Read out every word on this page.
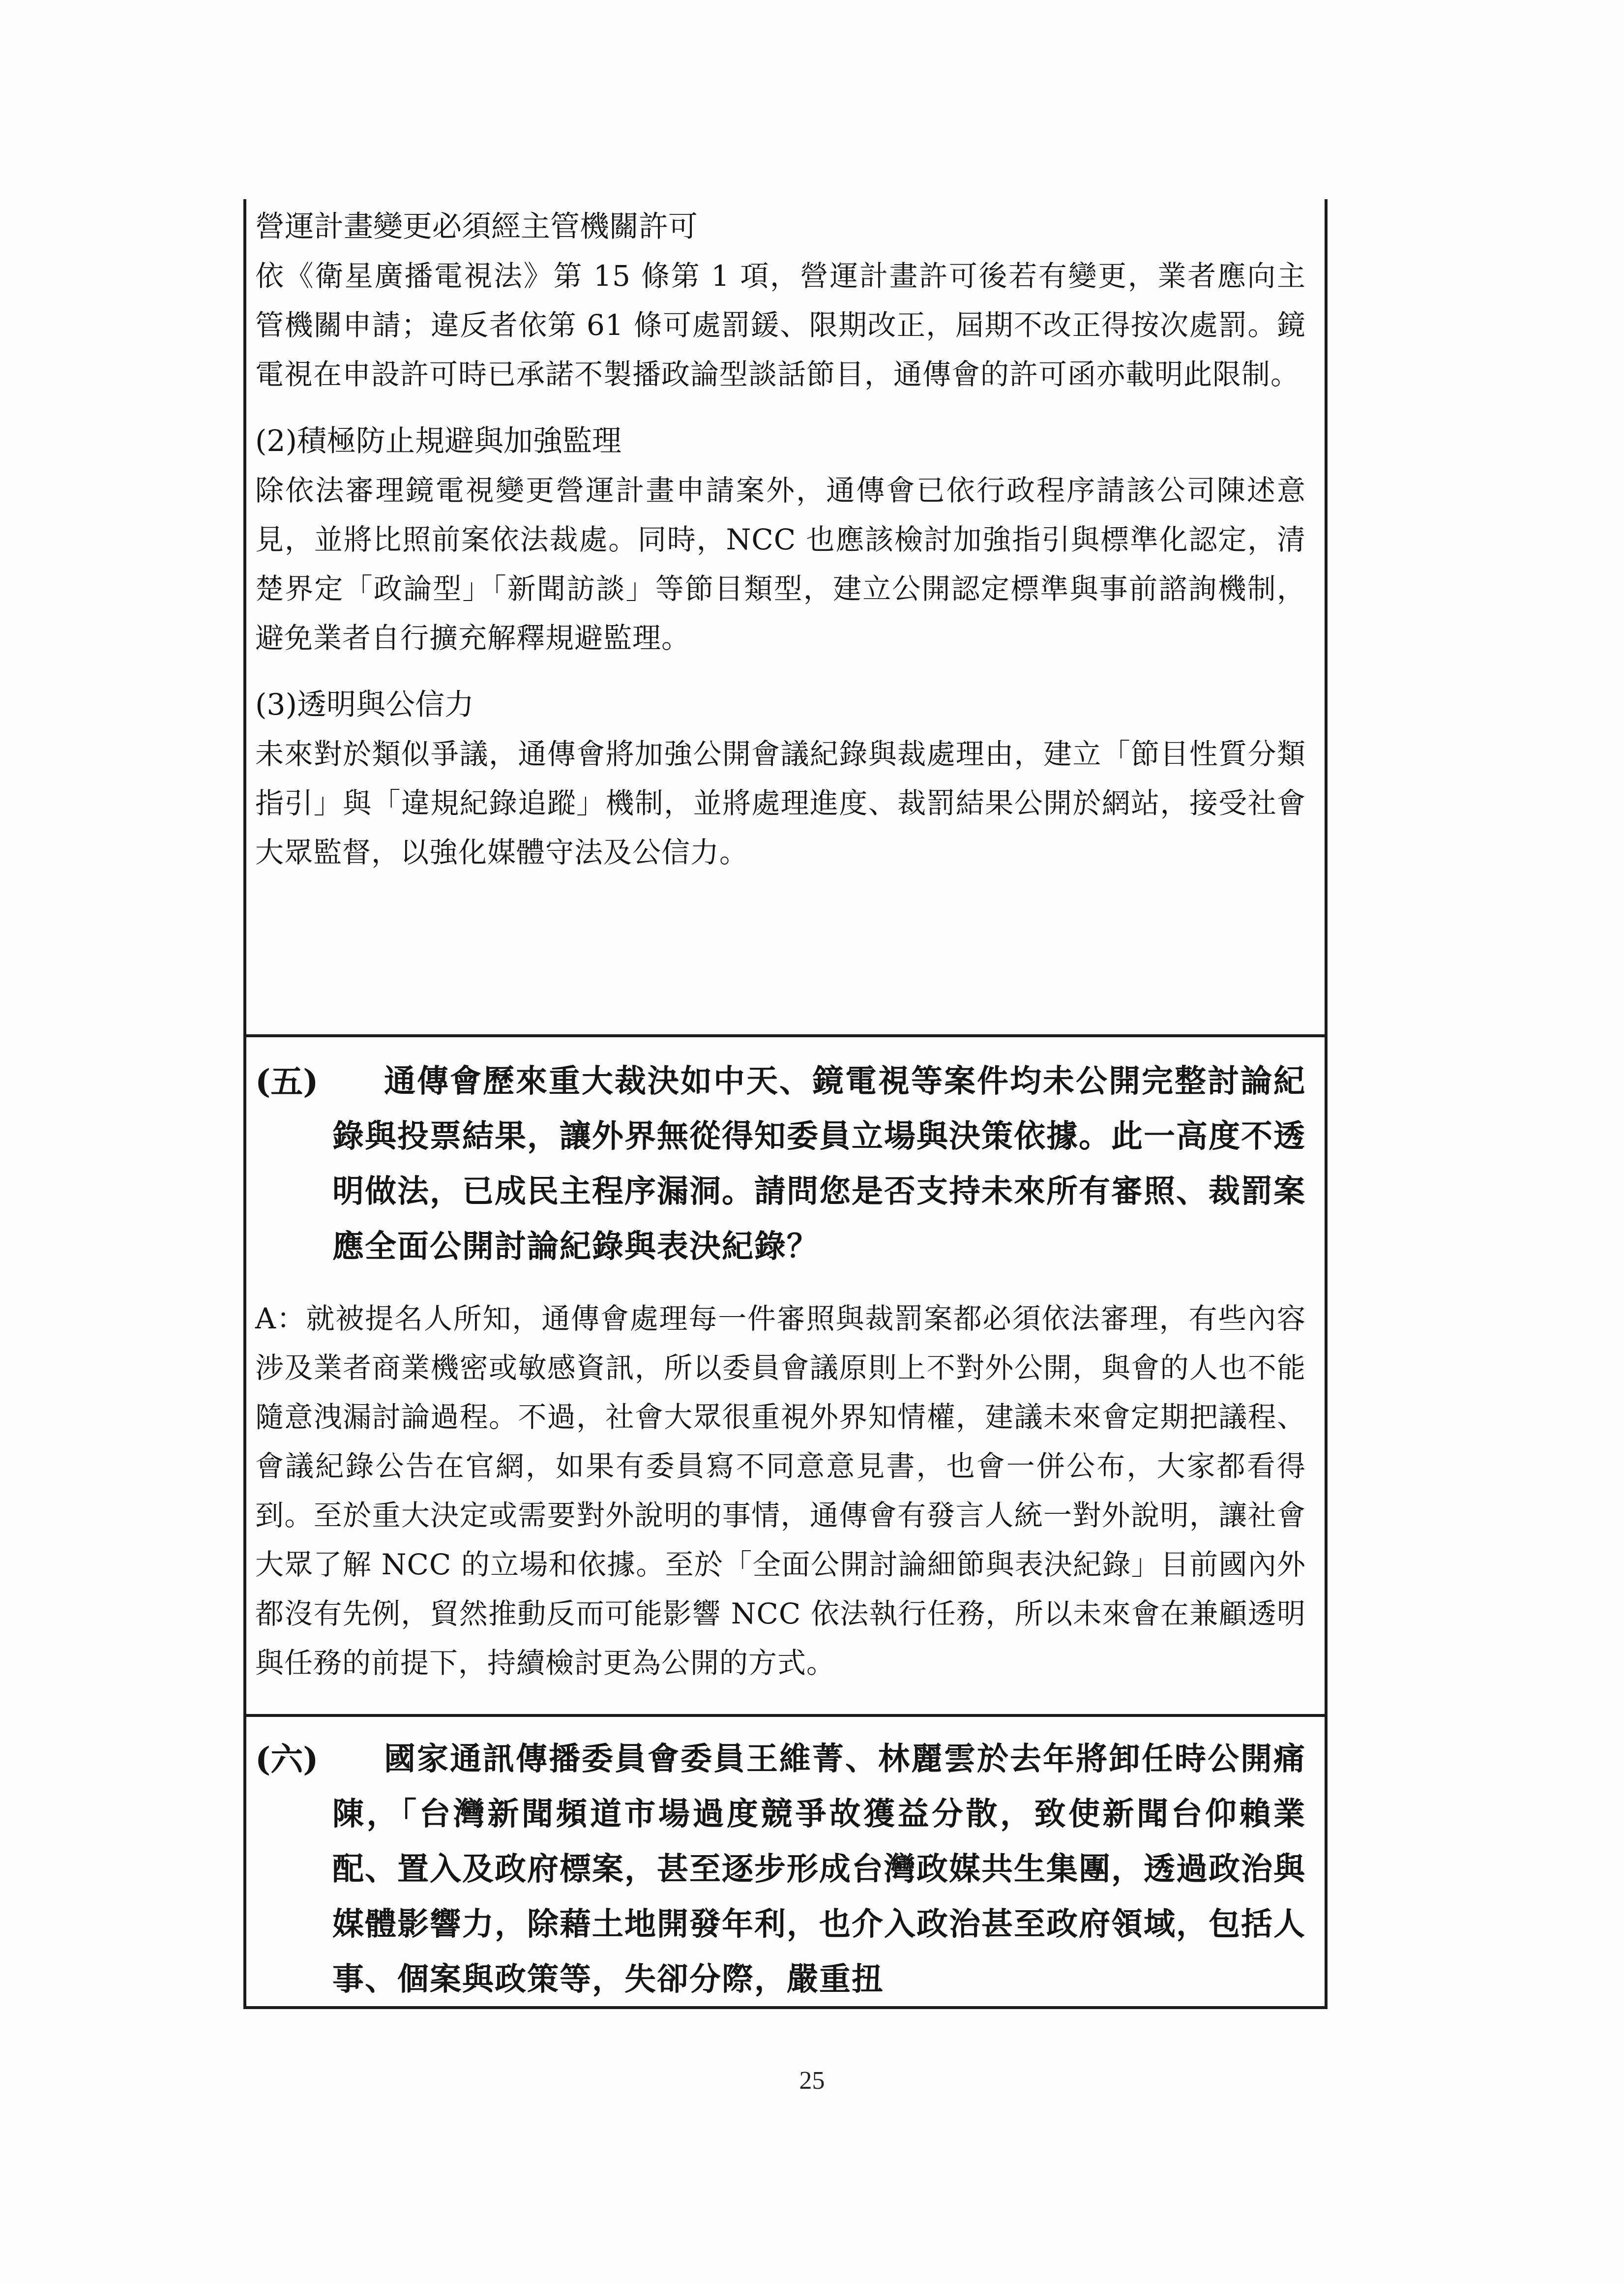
營運計畫變更必須經主管機關許可

依《衛星廣播電視法》第 15 條第 1 項，營運計畫許可後若有變更，業者應向主管機關申請；違反者依第 61 條可處罰鍰、限期改正，屆期不改正得按次處罰。鏡電視在申設許可時已承諾不製播政論型談話節目，通傳會的許可函亦載明此限制。

(2)積極防止規避與加強監理

除依法審理鏡電視變更營運計畫申請案外，通傳會已依行政程序請該公司陳述意見，並將比照前案依法裁處。同時，NCC 也應該檢討加強指引與標準化認定，清楚界定「政論型」「新聞訪談」等節目類型，建立公開認定標準與事前諮詢機制，避免業者自行擴充解釋規避監理。

(3)透明與公信力

未來對於類似爭議，通傳會將加強公開會議紀錄與裁處理由，建立「節目性質分類指引」與「違規紀錄追蹤」機制，並將處理進度、裁罰結果公開於網站，接受社會大眾監督，以強化媒體守法及公信力。

(五)	通傳會歷來重大裁決如中天、鏡電視等案件均未公開完整討論紀錄與投票結果，讓外界無從得知委員立場與決策依據。此一高度不透明做法，已成民主程序漏洞。請問您是否支持未來所有審照、裁罰案應全面公開討論紀錄與表決紀錄？

A：就被提名人所知，通傳會處理每一件審照與裁罰案都必須依法審理，有些內容涉及業者商業機密或敏感資訊，所以委員會議原則上不對外公開，與會的人也不能隨意洩漏討論過程。不過，社會大眾很重視外界知情權，建議未來會定期把議程、會議紀錄公告在官網，如果有委員寫不同意意見書，也會一併公布，大家都看得到。至於重大決定或需要對外說明的事情，通傳會有發言人統一對外說明，讓社會大眾了解 NCC 的立場和依據。至於「全面公開討論細節與表決紀錄」目前國內外都沒有先例，貿然推動反而可能影響 NCC 依法執行任務，所以未來會在兼顧透明與任務的前提下，持續檢討更為公開的方式。

(六)	國家通訊傳播委員會委員王維菁、林麗雲於去年將卸任時公開痛陳，「台灣新聞頻道市場過度競爭故獲益分散，致使新聞台仰賴業配、置入及政府標案，甚至逐步形成台灣政媒共生集團，透過政治與媒體影響力，除藉土地開發年利，也介入政治甚至政府領域，包括人事、個案與政策等，失卻分際，嚴重扭
25
